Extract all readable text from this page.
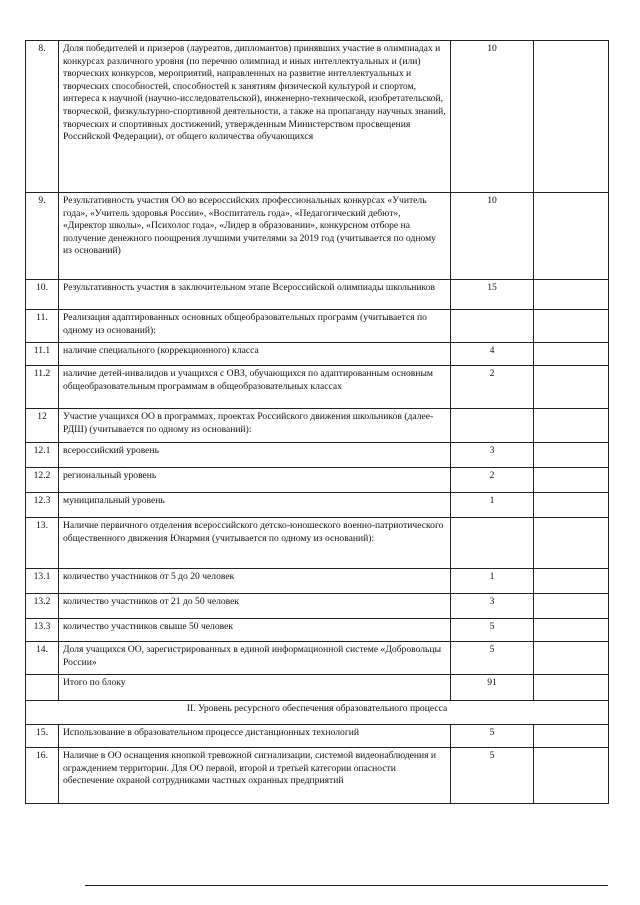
8.	Доля победителей и призеров (лауреатов, дипломантов) принявших участие в олимпиадах и конкурсах различного уровня (по перечню олимпиад и иных интеллектуальных и (или) творческих конкурсов, мероприятий, направленных на развитие интеллектуальных и творческих способностей, способностей к занятиям физической культурой и спортом, интереса к научной (научно-исследовательской), инженерно-технической, изобретательской, творческой, физкультурно-спортивной деятельности, а также на пропаганду научных знаний, творческих и спортивных достижений, утвержденным Министерством просвещения Российской Федерации), от общего количества обучающихся	10	
9.	Результативность участия ОО во всероссийских профессиональных конкурсах «Учитель года», «Учитель здоровья России», «Воспитатель года», «Педагогический дебют», «Директор школы», «Психолог года», «Лидер в образовании», конкурсном отборе на получение денежного поощрения лучшими учителями за 2019 год (учитывается по одному из оснований)	10	
10.	Результативность участия в заключительном этапе Всероссийской олимпиады школьников	15	
11.	Реализация адаптированных основных общеобразовательных программ (учитывается по одному из оснований):		
11.1	наличие специального (коррекционного) класса	4	
11.2	наличие детей-инвалидов и учащихся с ОВЗ, обучающихся по адаптированным основным общеобразовательным программам в общеобразовательных классах	2	
12	Участие учащихся ОО в программах, проектах Российского движения школьников (далее-РДШ) (учитывается по одному из оснований):		
12.1	всероссийский уровень	3	
12.2	региональный уровень	2	
12.3	муниципальный уровень	1	
13.	Наличие первичного отделения всероссийского детско-юношеского военно-патриотического общественного движения Юнармия (учитывается по одному из оснований):		
13.1	количество участников от 5 до 20 человек	1	
13.2	количество участников от 21 до 50 человек	3	
13.3	количество участников свыше 50 человек	5	
14.	Доля учащихся ОО, зарегистрированных в единой информационной системе «Добровольцы России»	5	
	Итого по блоку	91	
II. Уровень ресурсного обеспечения образовательного процесса			
15.	Использование в образовательном процессе дистанционных технологий	5	
16.	Наличие в ОО оснащения кнопкой тревожной сигнализации, системой видеонаблюдения и ограждением территории. Для ОО первой, второй и третьей категории опасности обеспечение охраной сотрудниками частных охранных предприятий	5	
